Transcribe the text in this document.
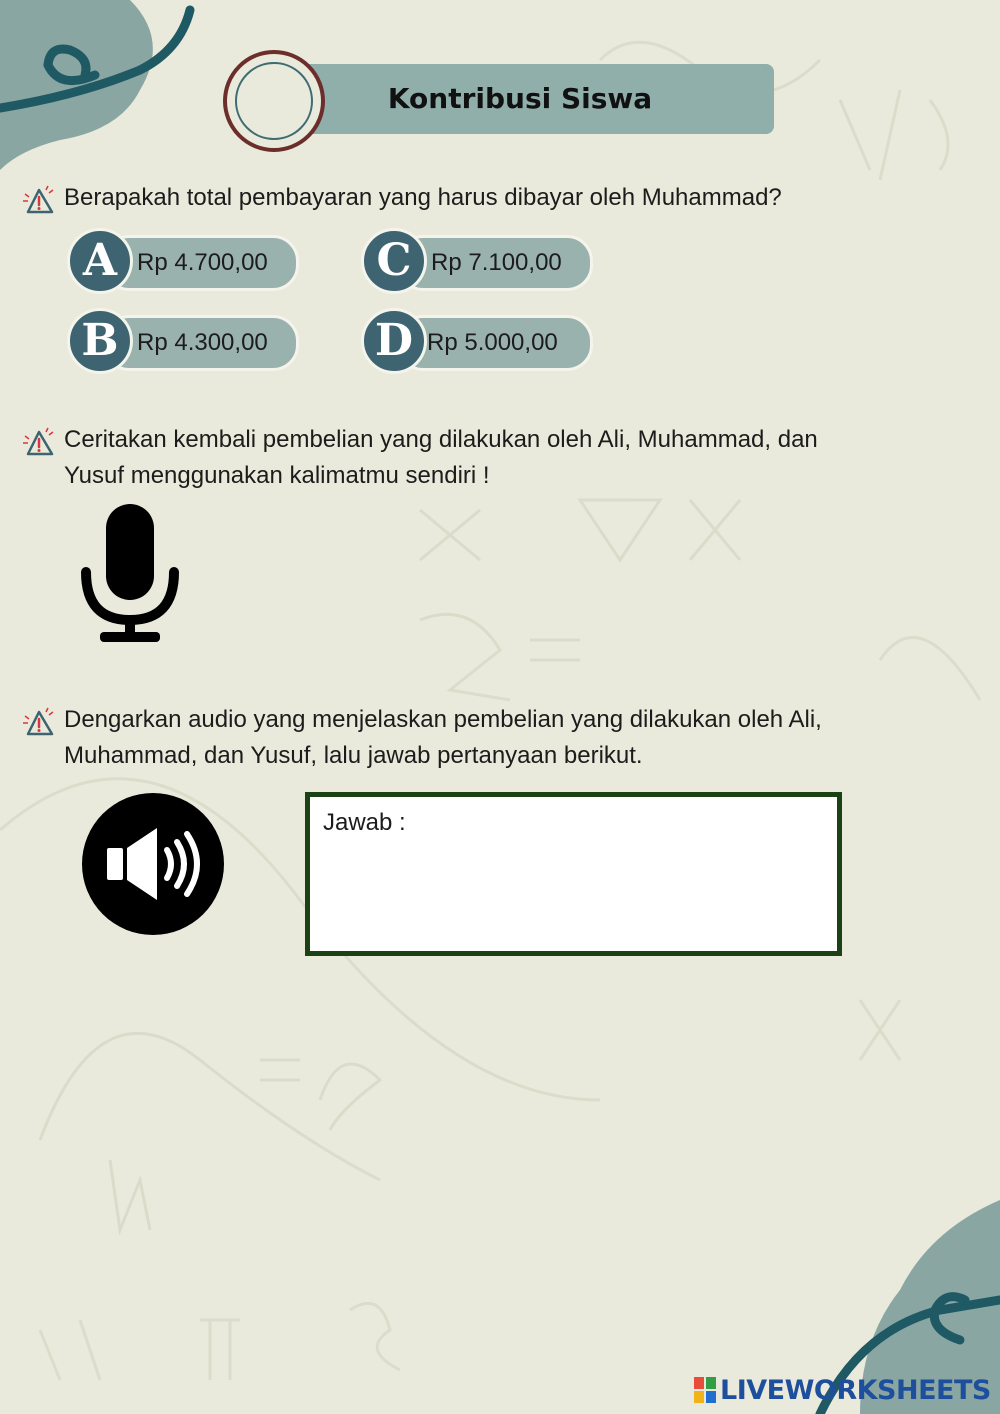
Kontribusi Siswa
Berapakah total pembayaran yang harus dibayar oleh Muhammad?
A Rp 4.700,00
B Rp 4.300,00
C Rp 7.100,00
D Rp 5.000,00
Ceritakan kembali pembelian yang dilakukan oleh Ali, Muhammad, dan
Yusuf menggunakan kalimatmu sendiri !
Dengarkan audio yang menjelaskan pembelian yang dilakukan oleh Ali,
Muhammad, dan Yusuf, lalu jawab pertanyaan berikut.
Jawab :
LIVEWORKSHEETS
